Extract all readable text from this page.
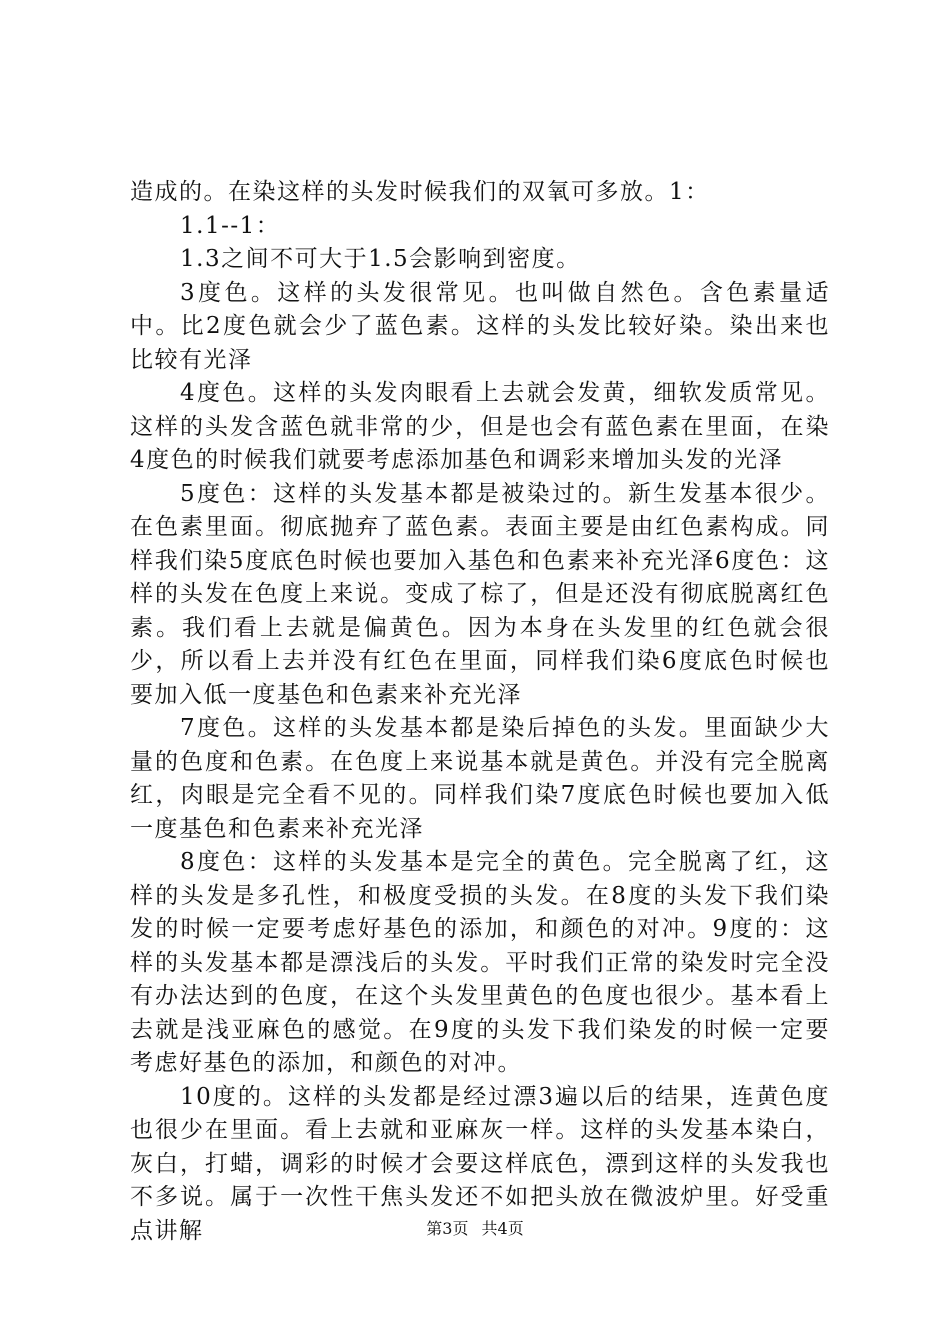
造成的。在染这样的头发时候我们的双氧可多放。1：

1.1--1：

1.3之间不可大于1.5会影响到密度。

3度色。这样的头发很常见。也叫做自然色。含色素量适中。比2度色就会少了蓝色素。这样的头发比较好染。染出来也比较有光泽

4度色。这样的头发肉眼看上去就会发黄，细软发质常见。这样的头发含蓝色就非常的少，但是也会有蓝色素在里面，在染4度色的时候我们就要考虑添加基色和调彩来增加头发的光泽

5度色：这样的头发基本都是被染过的。新生发基本很少。在色素里面。彻底抛弃了蓝色素。表面主要是由红色素构成。同样我们染5度底色时候也要加入基色和色素来补充光泽6度色：这样的头发在色度上来说。变成了棕了，但是还没有彻底脱离红色素。我们看上去就是偏黄色。因为本身在头发里的红色就会很少，所以看上去并没有红色在里面，同样我们染6度底色时候也要加入低一度基色和色素来补充光泽

7度色。这样的头发基本都是染后掉色的头发。里面缺少大量的色度和色素。在色度上来说基本就是黄色。并没有完全脱离红，肉眼是完全看不见的。同样我们染7度底色时候也要加入低一度基色和色素来补充光泽

8度色：这样的头发基本是完全的黄色。完全脱离了红，这样的头发是多孔性，和极度受损的头发。在8度的头发下我们染发的时候一定要考虑好基色的添加，和颜色的对冲。9度的：这样的头发基本都是漂浅后的头发。平时我们正常的染发时完全没有办法达到的色度，在这个头发里黄色的色度也很少。基本看上去就是浅亚麻色的感觉。在9度的头发下我们染发的时候一定要考虑好基色的添加，和颜色的对冲。

10度的。这样的头发都是经过漂3遍以后的结果，连黄色度也很少在里面。看上去就和亚麻灰一样。这样的头发基本染白，灰白，打蜡，调彩的时候才会要这样底色，漂到这样的头发我也不多说。属于一次性干焦头发还不如把头放在微波炉里。好受重点讲解	第3页 共4页
